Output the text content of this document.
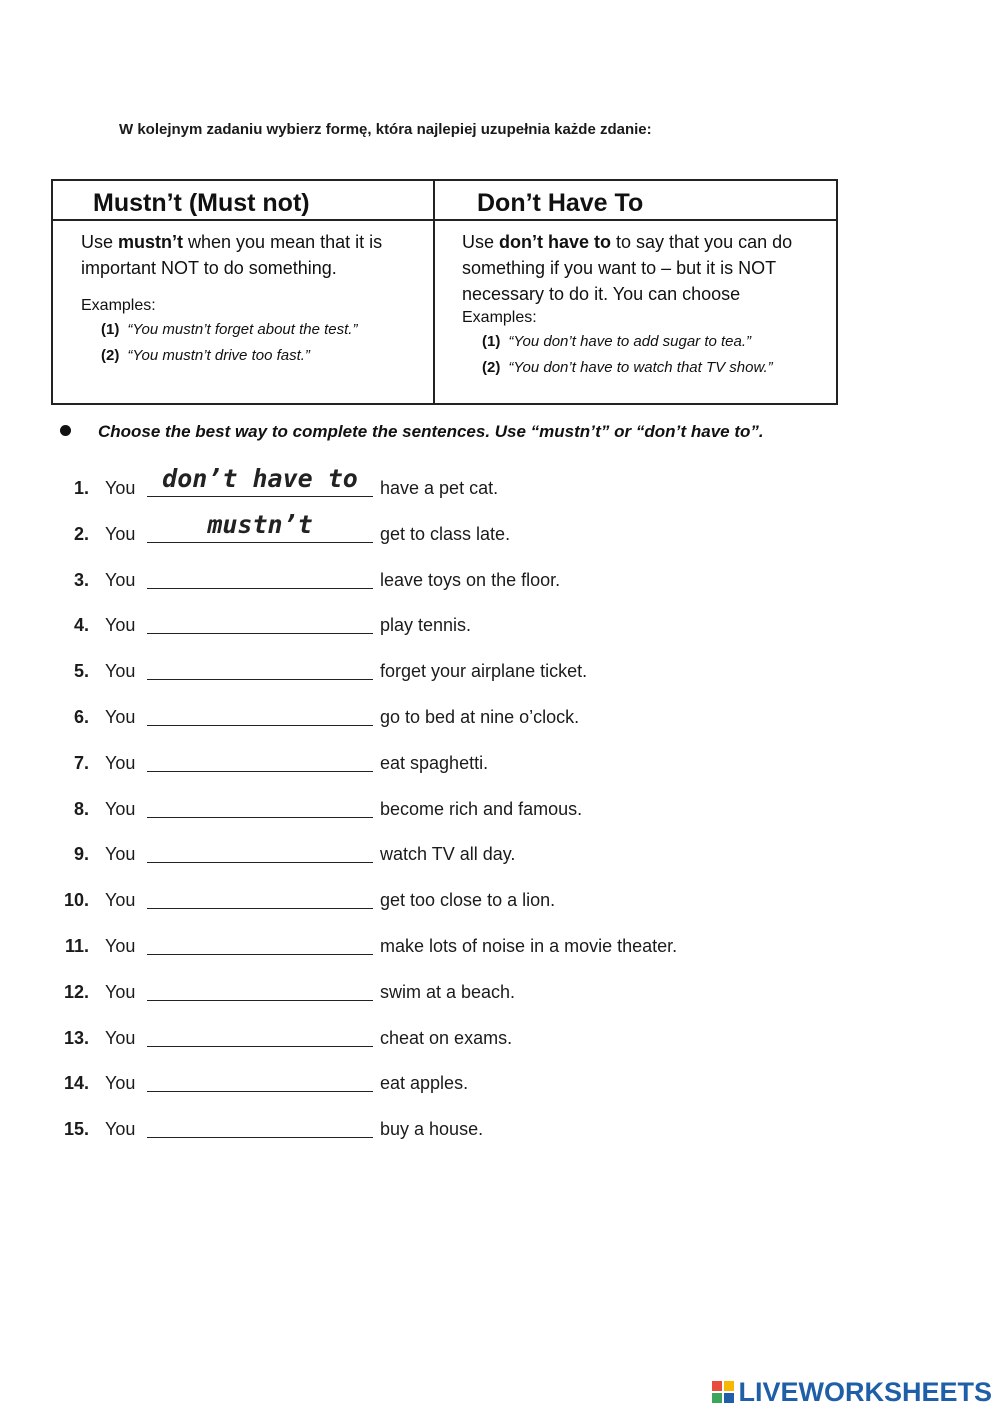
W kolejnym zadaniu wybierz formę, która najlepiej uzupełnia każde zdanie:
Mustn’t (Must not)
Use mustn’t when you mean that it is important NOT to do something.
Examples:
(1) “You mustn’t forget about the test.”
(2) “You mustn’t drive too fast.”
Don’t Have To
Use don’t have to to say that you can do something if you want to – but it is NOT necessary to do it. You can choose
Examples:
(1) “You don’t have to add sugar to tea.”
(2) “You don’t have to watch that TV show.”
Choose the best way to complete the sentences. Use “mustn’t” or “don’t have to”.
1. You	don’t have to	have a pet cat.
2. You	mustn’t	get to class late.
3. You	leave toys on the floor.
4. You	play tennis.
5. You	forget your airplane ticket.
6. You	go to bed at nine o’clock.
7. You	eat spaghetti.
8. You	become rich and famous.
9. You	watch TV all day.
10. You	get too close to a lion.
11. You	make lots of noise in a movie theater.
12. You	swim at a beach.
13. You	cheat on exams.
14. You	eat apples.
15. You	buy a house.
LIVEWORKSHEETS
